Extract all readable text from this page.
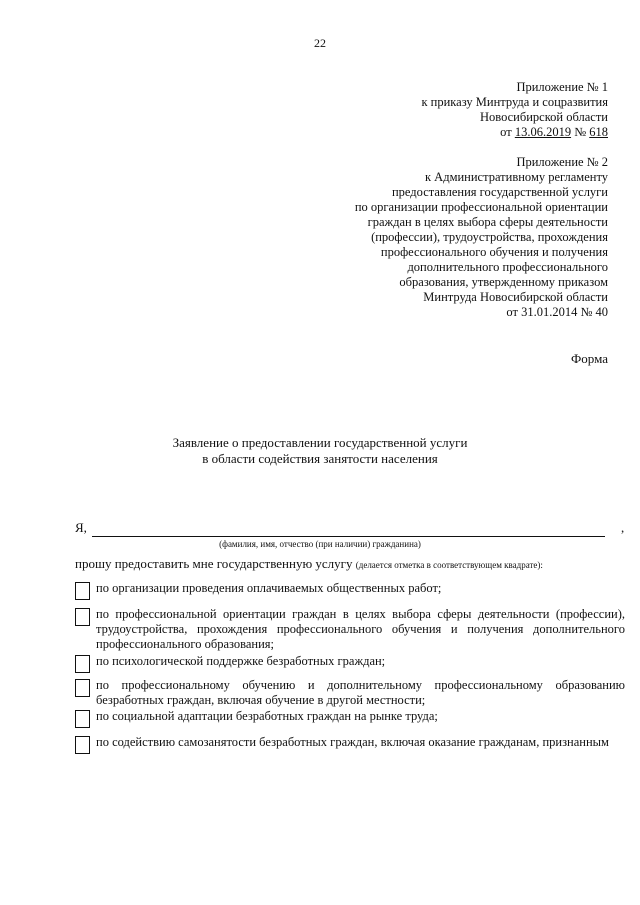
22
Приложение № 1
к приказу Минтруда и соцразвития
Новосибирской области
от 13.06.2019 № 618
Приложение № 2
к Административному регламенту
предоставления государственной услуги
по организации профессиональной ориентации
граждан в целях выбора сферы деятельности
(профессии), трудоустройства, прохождения
профессионального обучения и получения
дополнительного профессионального
образования, утвержденному приказом
Минтруда Новосибирской области
от 31.01.2014 № 40
Форма
Заявление о предоставлении государственной услуги
в области содействия занятости населения
Я,	,
(фамилия, имя, отчество (при наличии) гражданина)
прошу предоставить мне государственную услугу (делается отметка в соответствующем квадрате):
по организации проведения оплачиваемых общественных работ;
по профессиональной ориентации граждан в целях выбора сферы деятельности (профессии), трудоустройства, прохождения профессионального обучения и получения дополнительного профессионального образования;
по психологической поддержке безработных граждан;
по профессиональному обучению и дополнительному профессиональному образованию безработных граждан, включая обучение в другой местности;
по социальной адаптации безработных граждан на рынке труда;
по содействию самозанятости безработных граждан, включая оказание гражданам, признанным
